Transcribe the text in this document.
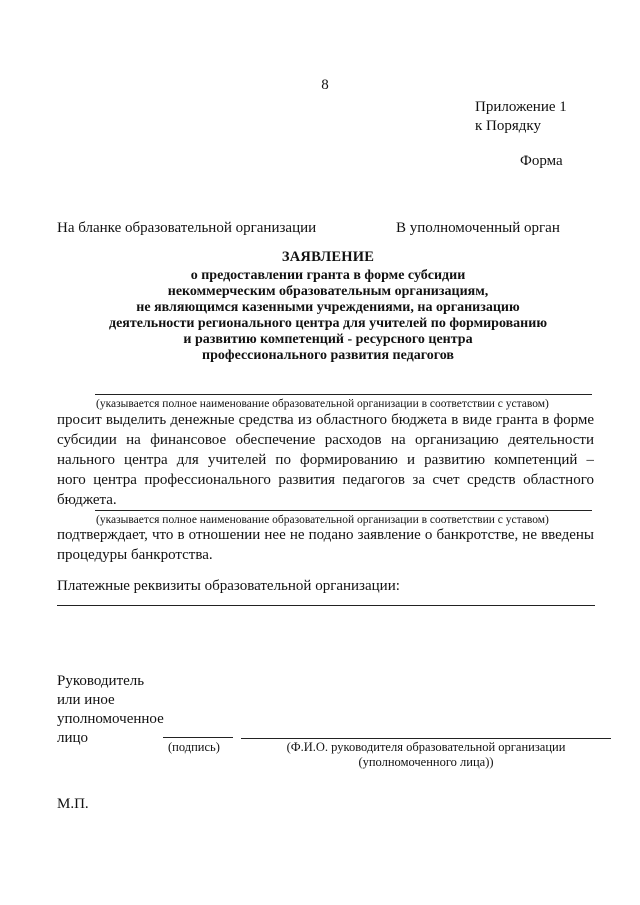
8
Приложение 1
к Порядку
Форма
На бланке образовательной организации	В уполномоченный орган
ЗАЯВЛЕНИЕ
о предоставлении гранта в форме субсидии
некоммерческим образовательным организациям,
не являющимся казенными учреждениями, на организацию
деятельности регионального центра для учителей по формированию
и развитию компетенций - ресурсного центра
профессионального развития педагогов
(указывается полное наименование образовательной организации в соответствии с уставом)
просит выделить денежные средства из областного бюджета в виде гранта в форме
субсидии на финансовое обеспечение расходов на организацию деятельности
нального центра для учителей по формированию и развитию компетенций –
ного центра профессионального развития педагогов за счет средств областного
бюджета.
(указывается полное наименование образовательной организации в соответствии с уставом)
подтверждает, что в отношении нее не подано заявление о банкротстве, не введены
процедуры банкротства.
Платежные реквизиты образовательной организации:
Руководитель
или иное
уполномоченное
лицо
(подпись)	(Ф.И.О. руководителя образовательной организации
(уполномоченного лица))
М.П.
